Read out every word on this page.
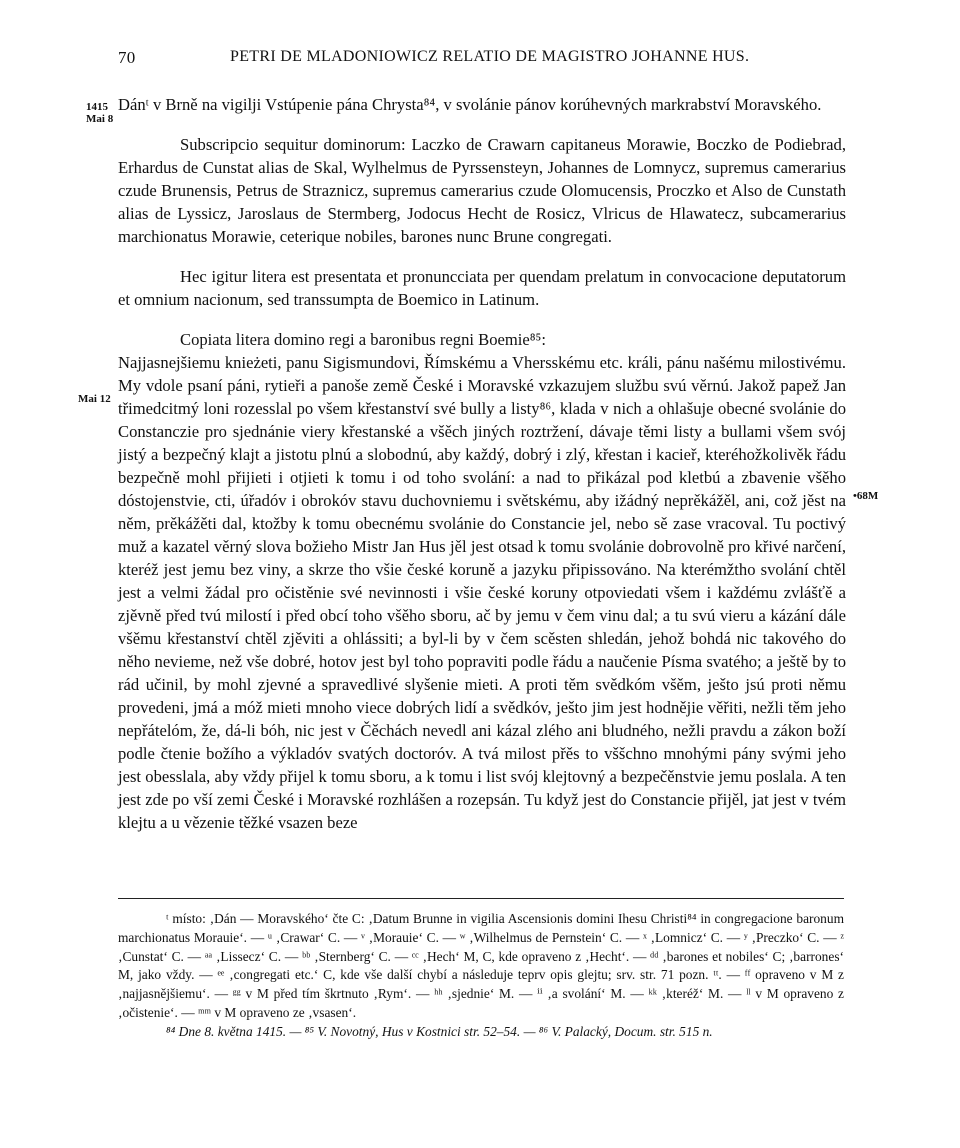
70	PETRI DE MLADONIOWICZ RELATIO DE MAGISTRO JOHANNE HUS.
1415
Mai 8
Mai 12
•68M

Dánᵗ v Brně na vigilji Vstúpenie pána Chrysta⁸⁴, v svolánie pánov korúhevných markrabství Moravského.

Subscripcio sequitur dominorum: Laczko de Crawarn capitaneus Morawie, Boczko de Podiebrad, Erhardus de Cunstat alias de Skal, Wylhelmus de Pyrssensteyn, Johannes de Lomnycz, supremus camerarius czude Brunensis, Petrus de Straznicz, supremus camerarius czude Olomucensis, Proczko et Also de Cunstath alias de Lyssicz, Jaroslaus de Stermberg, Jodocus Hecht de Rosicz, Vlricus de Hlawatecz, subcamerarius marchionatus Morawie, ceterique nobiles, barones nunc Brune congregati.

Hec igitur litera est presentata et pronuncciata per quendam prelatum in convocacione deputatorum et omnium nacionum, sed transsumpta de Boemico in Latinum.

Copiata litera domino regi a baronibus regni Boemie⁸⁵:

Najjasnejšiemu knieżeti, panu Sigismundovi, Římskému a Vhersskému etc. králi, pánu našému milostivému. My vdole psaní páni, rytieři a panoše země České i Moravské vzkazujem službu svú věrnú. Jakož papež Jan třimedcitmý loni rozesslal po všem křestanství své bully a listy⁸⁶, klada v nich a ohlašuje obecné svolánie do Constanczie pro sjednánie viery křestanské a všěch jiných roztržení, dávaje těmi listy a bullami všem svój jistý a bezpečný klajt a jistotu plnú a slobodnú, aby každý, dobrý i zlý, křestan i kacieř, kteréhožkolivěk řádu bezpečně mohl přijieti i otjieti k tomu i od toho svolání: a nad to přikázal pod kletbú a zbavenie všěho dóstojenstvie, cti, úřadóv i obrokóv stavu duchovniemu i světskému, aby ižádný neprěkážěl, ani, což jěst na něm, prěkážěti dal, ktožby k tomu obecnému svolánie do Constancie jel, nebo sě zase vracoval. Tu poctivý muž a kazatel věrný slova božieho Mistr Jan Hus jěl jest otsad k tomu svolánie dobrovolně pro křivé narčení, kteréž jest jemu bez viny, a skrze tho všie české koruně a jazyku připissováno. Na kterémžtho svolání chtěl jest a velmi žádal pro očistěnie své nevinnosti i všie české koruny otpoviedati všem i každému zvlášťě a zjěvně před tvú milostí i před obcí toho všěho sboru, ač by jemu v čem vinu dal; a tu svú vieru a kázání dále všěmu křestanství chtěl zjěviti a ohlássiti; a byl-li by v čem scěsten shledán, jehož bohdá nic takového do něho nevieme, než vše dobré, hotov jest byl toho popraviti podle řádu a naučenie Písma svatého; a ještě by to rád učinil, by mohl zjevné a spravedlivé slyšenie mieti. A proti těm svědkóm všěm, ješto jsú proti němu provedeni, jmá a móž mieti mnoho viece dobrých lidí a svědkóv, ješto jim jest hodnějie věřiti, nežli těm jeho nepřátelóm, že, dá-li bóh, nic jest v Čěchách nevedl ani kázal zlého ani bludného, nežli pravdu a zákon boží podle čtenie božího a výkladóv svatých doctoróv. A tvá milost přěs to vššchno mnohými pány svými jeho jest obesslala, aby vždy přijel k tomu sboru, a k tomu i list svój klejtovný a bezpečěnstvie jemu poslala. A ten jest zde po vší zemi České i Moravské rozhlášen a rozepsán. Tu když jest do Constancie přijěl, jat jest v tvém klejtu a u vězenie těžké vsazen beze

ᵗ místo: ‚Dán — Moravského‘ čte C: ‚Datum Brunne in vigilia Ascensionis domini Ihesu Christi⁸⁴ in congregacione baronum marchionatus Morauie‘. — ᵘ ‚Crawar‘ C. — ᵛ ‚Morauie‘ C. — ʷ ‚Wilhelmus de Pernstein‘ C. — ˣ ‚Lomnicz‘ C. — ʸ ‚Preczko‘ C. — ᶻ ‚Cunstat‘ C. — ᵃᵃ ‚Lissecz‘ C. — ᵇᵇ ‚Sternberg‘ C. — ᶜᶜ ‚Hech‘ M, C, kde opraveno z ‚Hecht‘. — ᵈᵈ ‚barones et nobiles‘ C; ‚barrones‘ M, jako vždy. — ᵉᵉ ‚congregati etc.‘ C, kde vše další chybí a následuje teprv opis glejtu; srv. str. 71 pozn. ᵗᵗ. — ᶠᶠ opraveno v M z ‚najjasnějšiemu‘. — ᵍᵍ v M před tím škrtnuto ‚Rym‘. — ʰʰ ‚sjednie‘ M. — ⁱⁱ ‚a svolání‘ M. — ᵏᵏ ‚kteréž‘ M. — ˡˡ v M opraveno z ‚očistenie‘. — ᵐᵐ v M opraveno ze ‚vsasen‘.

⁸⁴ Dne 8. května 1415. — ⁸⁵ V. Novotný, Hus v Kostnici str. 52–54. — ⁸⁶ V. Palacký, Docum. str. 515 n.
